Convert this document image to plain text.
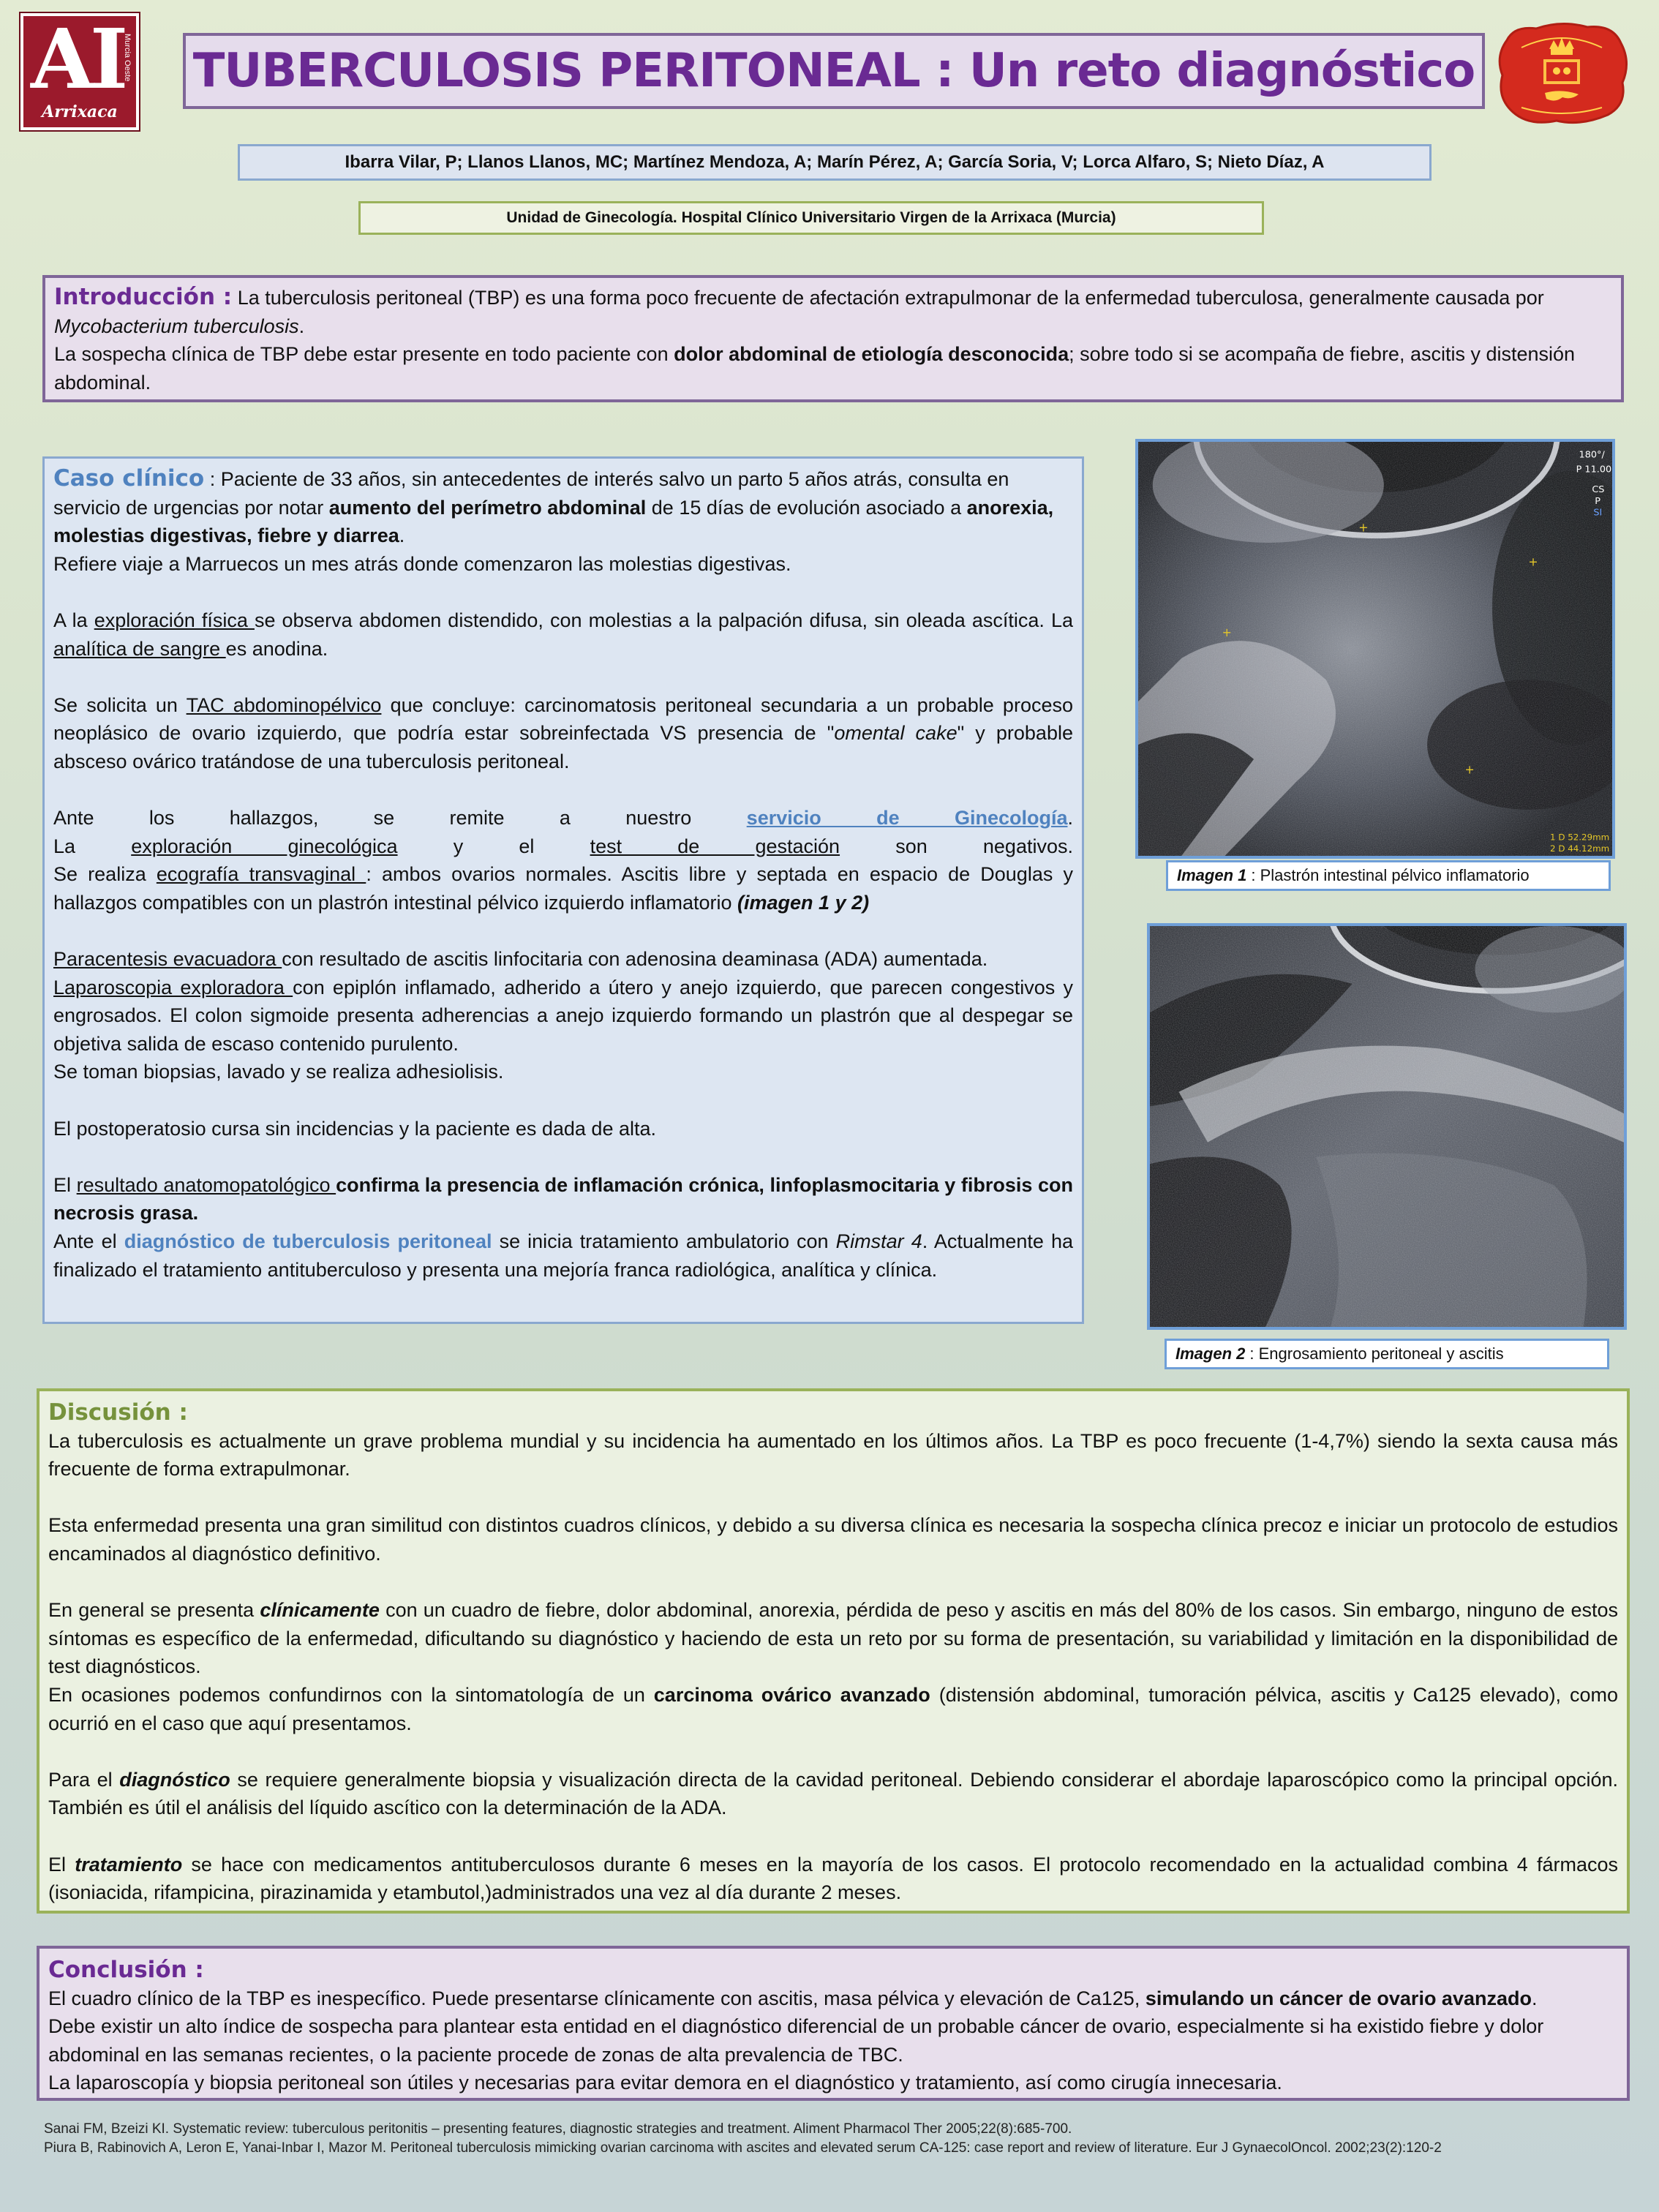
AI
Murcia Oeste
Arrixaca
TUBERCULOSIS PERITONEAL : Un reto diagnóstico
Ibarra Vilar, P; Llanos Llanos, MC; Martínez Mendoza, A; Marín Pérez, A; García Soria, V; Lorca Alfaro, S; Nieto Díaz, A
Unidad de Ginecología. Hospital Clínico Universitario Virgen de la Arrixaca (Murcia)

Introducción : La tuberculosis peritoneal (TBP) es una forma poco frecuente de afectación extrapulmonar de la enfermedad tuberculosa, generalmente causada por Mycobacterium tuberculosis.

La sospecha clínica de TBP debe estar presente en todo paciente con dolor abdominal de etiología desconocida; sobre todo si se acompaña de fiebre, ascitis y distensión abdominal.

Caso clínico : Paciente de 33 años, sin antecedentes de interés salvo un parto 5 años atrás, consulta en servicio de urgencias por notar aumento del perímetro abdominal de 15 días de evolución asociado a anorexia, molestias digestivas, fiebre y diarrea.

Refiere viaje a Marruecos un mes atrás donde comenzaron las molestias digestivas.

A la exploración física se observa abdomen distendido, con molestias a la palpación difusa, sin oleada ascítica. La analítica de sangre es anodina.

Se solicita un TAC abdominopélvico que concluye: carcinomatosis peritoneal secundaria a un probable proceso neoplásico de ovario izquierdo, que podría estar sobreinfectada VS presencia de "omental cake" y probable absceso ovárico tratándose de una tuberculosis peritoneal.

Ante los hallazgos, se remite a nuestro servicio de Ginecología.

La exploración ginecológica y el test de gestación son negativos.

Se realiza ecografía transvaginal : ambos ovarios normales. Ascitis libre y septada en espacio de Douglas y hallazgos compatibles con un plastrón intestinal pélvico izquierdo inflamatorio (imagen 1 y 2)

Paracentesis evacuadora con resultado de ascitis linfocitaria con adenosina deaminasa (ADA) aumentada.

Laparoscopia exploradora con epiplón inflamado, adherido a útero y anejo izquierdo, que parecen congestivos y engrosados. El colon sigmoide presenta adherencias a anejo izquierdo formando un plastrón que al despegar se objetiva salida de escaso contenido purulento.

Se toman biopsias, lavado y se realiza adhesiolisis.

El postoperatosio cursa sin incidencias y la paciente es dada de alta.

El resultado anatomopatológico confirma la presencia de inflamación crónica, linfoplasmocitaria y fibrosis con necrosis grasa.

Ante el diagnóstico de tuberculosis peritoneal se inicia tratamiento ambulatorio con Rimstar 4. Actualmente ha finalizado el tratamiento antituberculoso y presenta una mejoría franca radiológica, analítica y clínica.

+
+
+
+
180°/
P 11.00
CS
P
SI
1 D 52.29mm
2 D 44.12mm
Imagen 1 : Plastrón intestinal pélvico inflamatorio
Imagen 2 : Engrosamiento peritoneal y ascitis

Discusión :

La tuberculosis es actualmente un grave problema mundial y su incidencia ha aumentado en los últimos años. La TBP es poco frecuente (1-4,7%) siendo la sexta causa más frecuente de forma extrapulmonar.

Esta enfermedad presenta una gran similitud con distintos cuadros clínicos, y debido a su diversa clínica es necesaria la sospecha clínica precoz e iniciar un protocolo de estudios encaminados al diagnóstico definitivo.

En general se presenta clínicamente con un cuadro de fiebre, dolor abdominal, anorexia, pérdida de peso y ascitis en más del 80% de los casos. Sin embargo, ninguno de estos síntomas es específico de la enfermedad, dificultando su diagnóstico y haciendo de esta un reto por su forma de presentación, su variabilidad y limitación en la disponibilidad de test diagnósticos.

En ocasiones podemos confundirnos con la sintomatología de un carcinoma ovárico avanzado (distensión abdominal, tumoración pélvica, ascitis y Ca125 elevado), como ocurrió en el caso que aquí presentamos.

Para el diagnóstico se requiere generalmente biopsia y visualización directa de la cavidad peritoneal. Debiendo considerar el abordaje laparoscópico como la principal opción. También es útil el análisis del líquido ascítico con la determinación de la ADA.

El tratamiento se hace con medicamentos antituberculosos durante 6 meses en la mayoría de los casos. El protocolo recomendado en la actualidad combina 4 fármacos (isoniacida, rifampicina, pirazinamida y etambutol,)administrados una vez al día durante 2 meses.

Conclusión :

El cuadro clínico de la TBP es inespecífico. Puede presentarse clínicamente con ascitis, masa pélvica y elevación de Ca125, simulando un cáncer de ovario avanzado.

Debe existir un alto índice de sospecha para plantear esta entidad en el diagnóstico diferencial de un probable cáncer de ovario, especialmente si ha existido fiebre y dolor abdominal en las semanas recientes, o la paciente procede de zonas de alta prevalencia de TBC.

La laparoscopía y biopsia peritoneal son útiles y necesarias para evitar demora en el diagnóstico y tratamiento, así como cirugía innecesaria.

Sanai FM, Bzeizi KI. Systematic review: tuberculous peritonitis – presenting features, diagnostic strategies and treatment. Aliment Pharmacol Ther 2005;22(8):685-700.

Piura B, Rabinovich A, Leron E, Yanai-Inbar I, Mazor M. Peritoneal tuberculosis mimicking ovarian carcinoma with ascites and elevated serum CA-125: case report and review of literature. Eur J GynaecolOncol. 2002;23(2):120-2
